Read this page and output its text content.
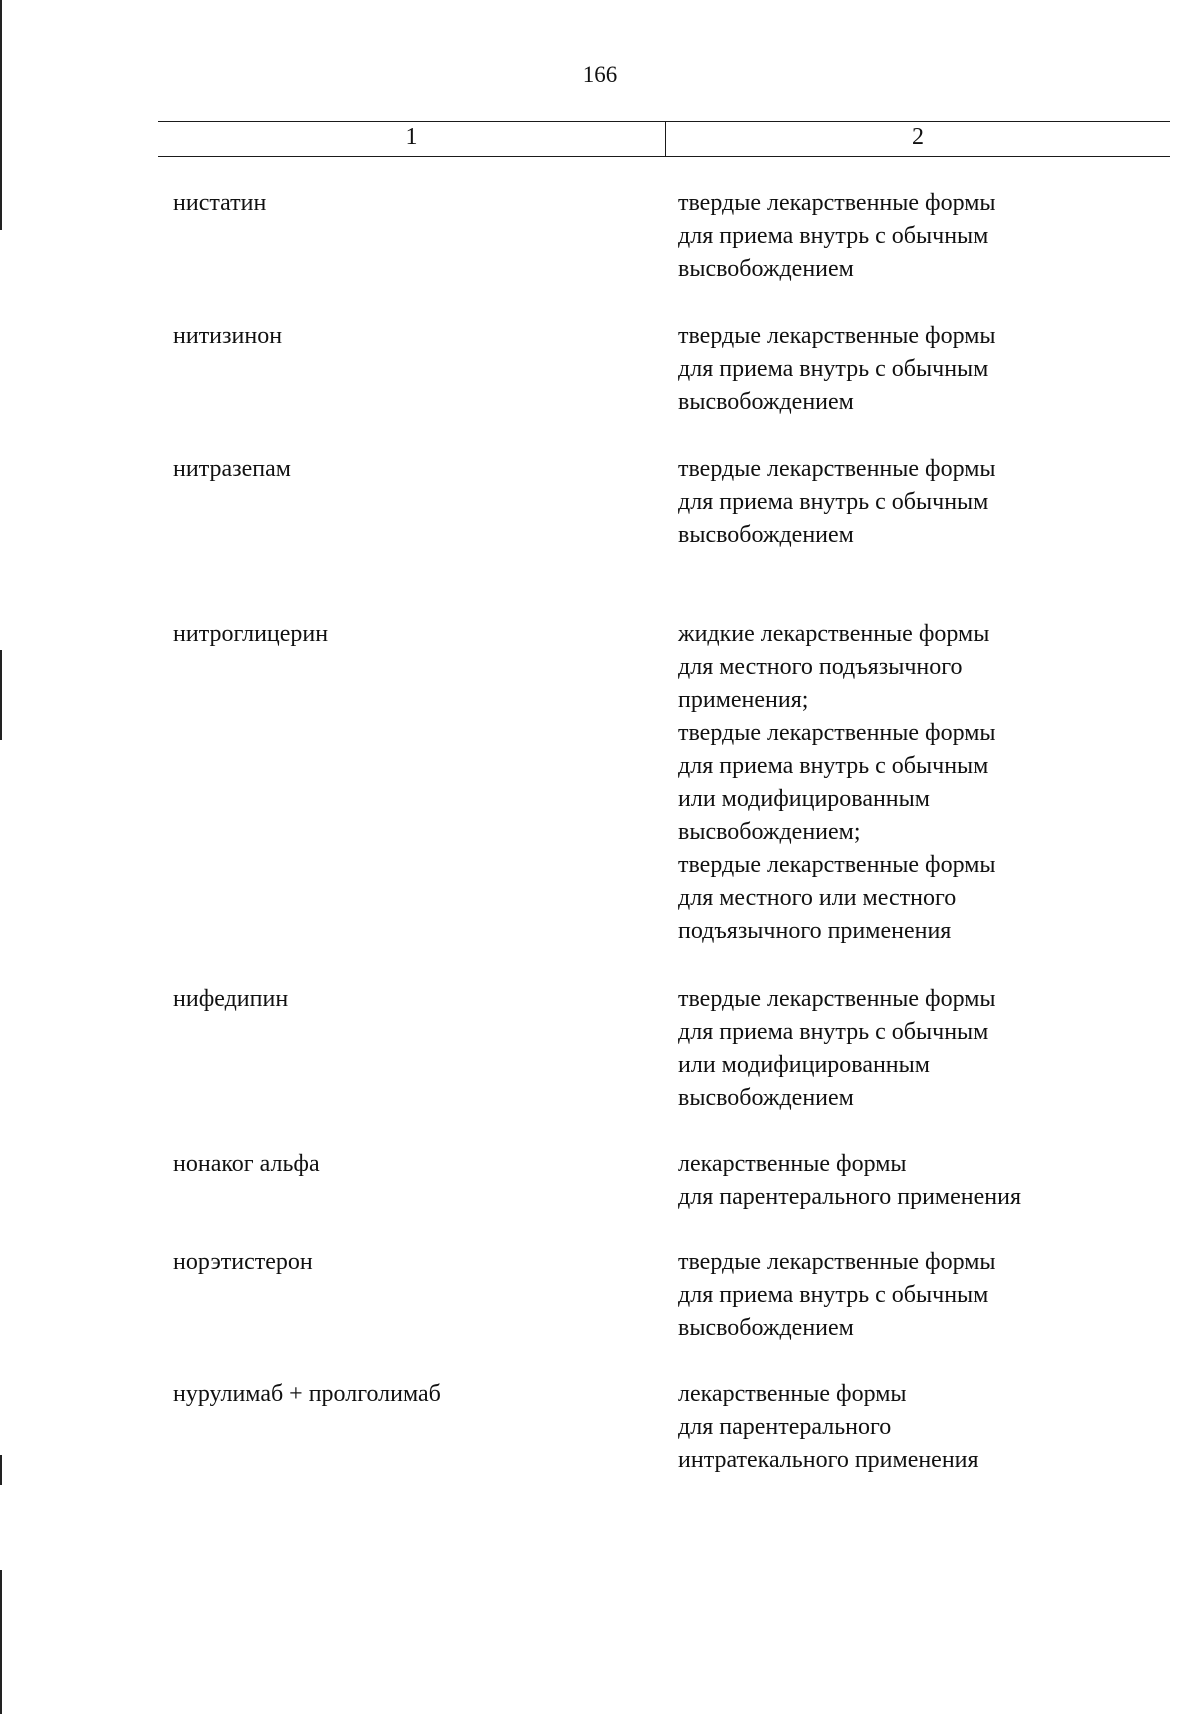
166
1	2
нистатин	твердые лекарственные формы
для приема внутрь с обычным
высвобождением
нитизинон	твердые лекарственные формы
для приема внутрь с обычным
высвобождением
нитразепам	твердые лекарственные формы
для приема внутрь с обычным
высвобождением
нитроглицерин	жидкие лекарственные формы
для местного подъязычного
применения;
твердые лекарственные формы
для приема внутрь с обычным
или модифицированным
высвобождением;
твердые лекарственные формы
для местного или местного
подъязычного применения
нифедипин	твердые лекарственные формы
для приема внутрь с обычным
или модифицированным
высвобождением
нонаког альфа	лекарственные формы
для парентерального применения
норэтистерон	твердые лекарственные формы
для приема внутрь с обычным
высвобождением
нурулимаб + пролголимаб	лекарственные формы
для парентерального
интратекального применения
